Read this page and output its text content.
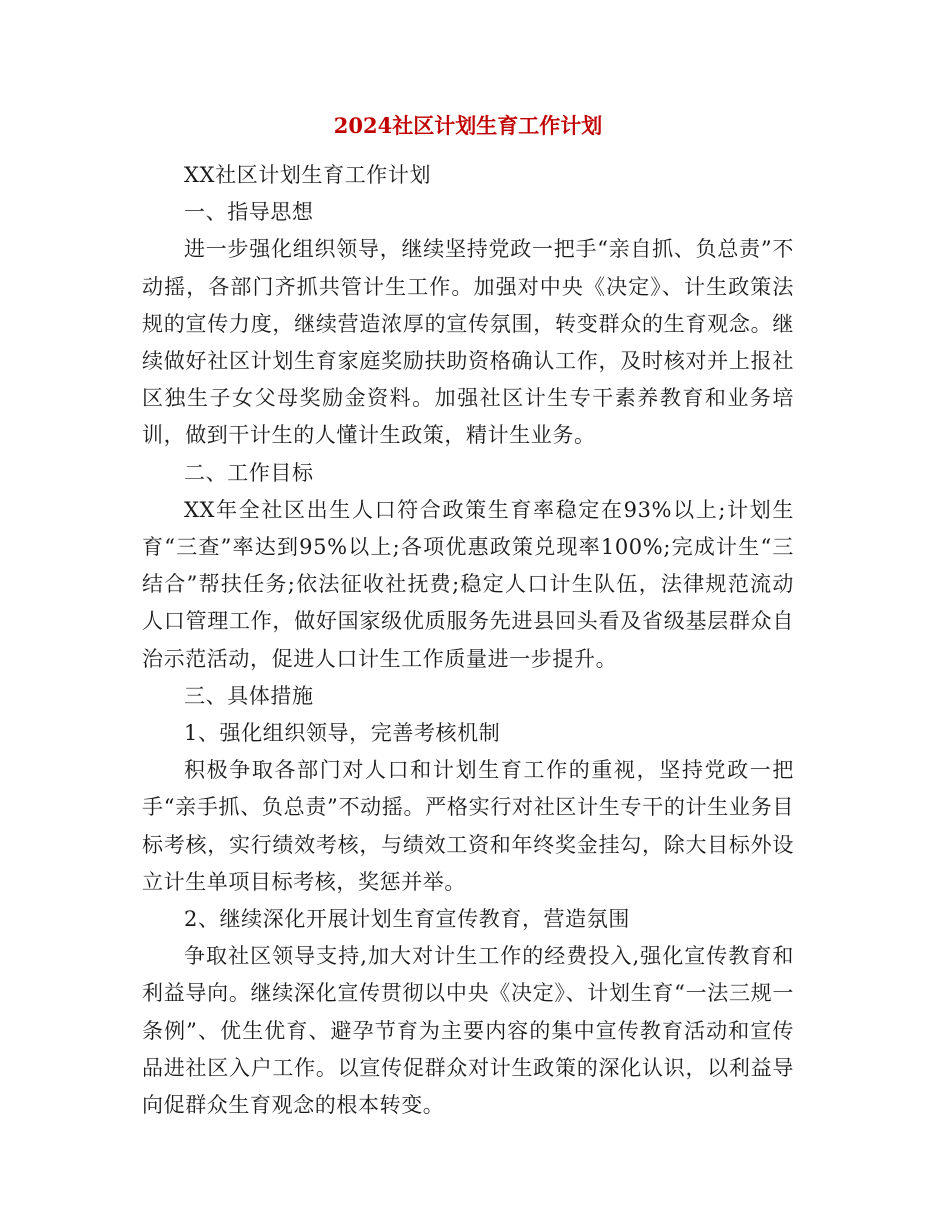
2024社区计划生育工作计划

XX社区计划生育工作计划

一、指导思想

进一步强化组织领导，继续坚持党政一把手“亲自抓、负总责”不动摇，各部门齐抓共管计生工作。加强对中央《决定》、计生政策法规的宣传力度，继续营造浓厚的宣传氛围，转变群众的生育观念。继续做好社区计划生育家庭奖励扶助资格确认工作，及时核对并上报社区独生子女父母奖励金资料。加强社区计生专干素养教育和业务培训，做到干计生的人懂计生政策，精计生业务。

二、工作目标

XX年全社区出生人口符合政策生育率稳定在93%以上;计划生育“三查”率达到95%以上;各项优惠政策兑现率100%;完成计生“三结合”帮扶任务;依法征收社抚费;稳定人口计生队伍，法律规范流动人口管理工作，做好国家级优质服务先进县回头看及省级基层群众自治示范活动，促进人口计生工作质量进一步提升。

三、具体措施

1、强化组织领导，完善考核机制

积极争取各部门对人口和计划生育工作的重视，坚持党政一把手“亲手抓、负总责”不动摇。严格实行对社区计生专干的计生业务目标考核，实行绩效考核，与绩效工资和年终奖金挂勾，除大目标外设立计生单项目标考核，奖惩并举。

2、继续深化开展计划生育宣传教育，营造氛围

争取社区领导支持,加大对计生工作的经费投入,强化宣传教育和利益导向。继续深化宣传贯彻以中央《决定》、计划生育“一法三规一条例”、优生优育、避孕节育为主要内容的集中宣传教育活动和宣传品进社区入户工作。以宣传促群众对计生政策的深化认识，以利益导向促群众生育观念的根本转变。
